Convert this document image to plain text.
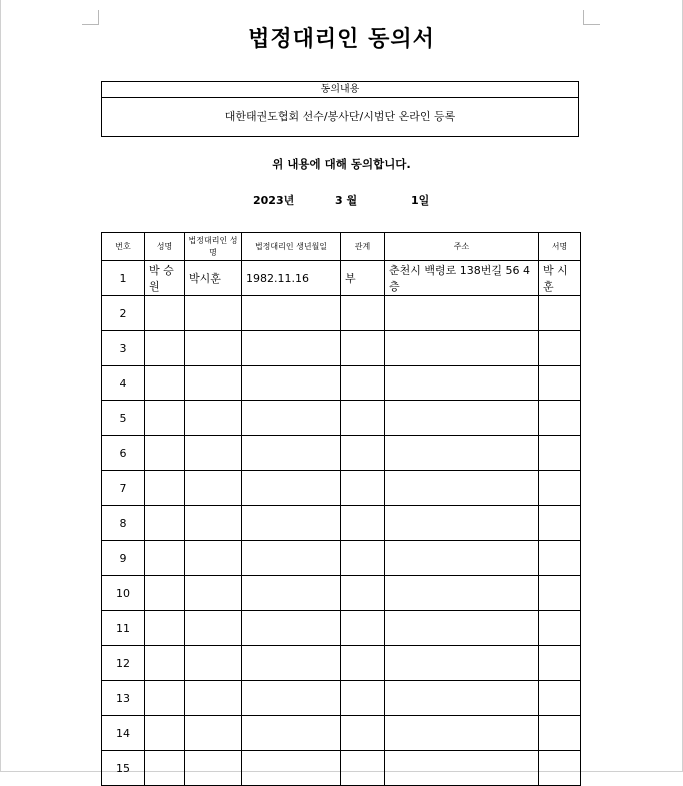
법정대리인 동의서
동의내용
대한태권도협회 선수/봉사단/시범단 온라인 등록
위 내용에 대해 동의합니다.
2023년	3 월	1일
번호	성명	법정대리인 성명	법정대리인 생년월일	관계	주소	서명
1	박 승 원	박시훈	1982.11.16	부	춘천시 백령로 138번길 56 4층	박 시 훈
2						
3						
4						
5						
6						
7						
8						
9						
10						
11						
12						
13						
14						
15						
